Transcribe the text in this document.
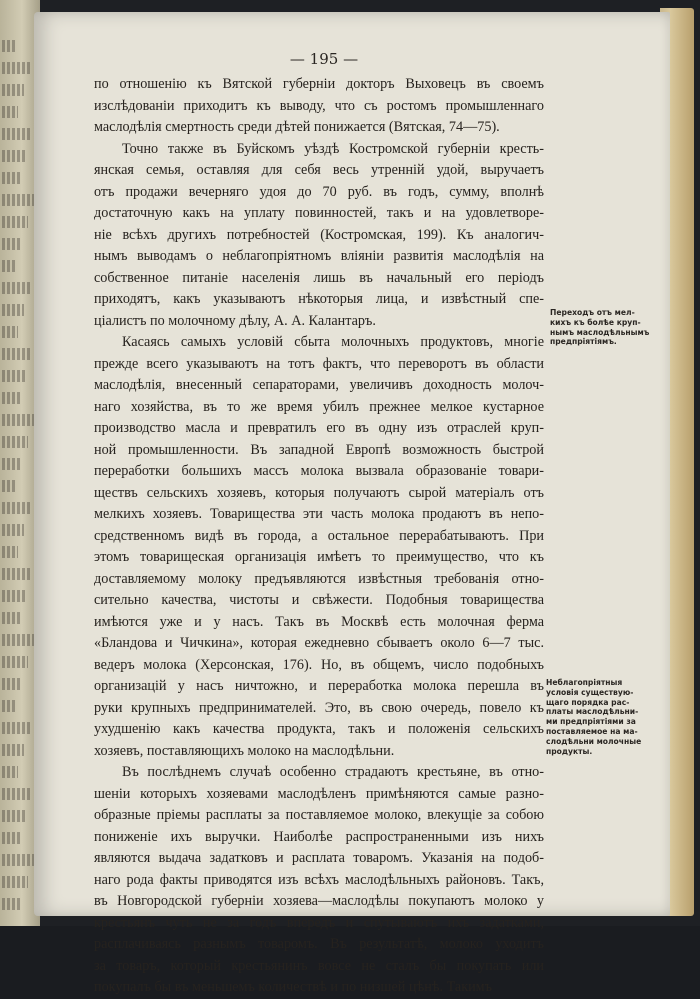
— 195 —
по отношенію къ Вятской губерніи докторъ Выховецъ въ своемъ
изслѣдованіи приходитъ къ выводу, что съ ростомъ промышленнаго
маслодѣлія смертность среди дѣтей понижается (Вятская, 74—75).
Точно также въ Буйскомъ уѣздѣ Костромской губерніи кресть-
янская семья, оставляя для себя весь утренній удой, выручаетъ
отъ продажи вечерняго удоя до 70 руб. въ годъ, сумму, вполнѣ
достаточную какъ на уплату повинностей, такъ и на удовлетворе-
ніе всѣхъ другихъ потребностей (Костромская, 199). Къ аналогич-
нымъ выводамъ о неблагопріятномъ вліяніи развитія маслодѣлія на
собственное питаніе населенія лишь въ начальный его періодъ
приходятъ, какъ указываютъ нѣкоторыя лица, и извѣстный спе-
ціалистъ по молочному дѣлу, А. А. Калантаръ.
Касаясь самыхъ условій сбыта молочныхъ продуктовъ, многіе
прежде всего указываютъ на тотъ фактъ, что переворотъ въ области
маслодѣлія, внесенный сепараторами, увеличивъ доходность молоч-
наго хозяйства, въ то же время убилъ прежнее мелкое кустарное
производство масла и превратилъ его въ одну изъ отраслей круп-
ной промышленности. Въ западной Европѣ возможность быстрой
переработки большихъ массъ молока вызвала образованіе товари-
ществъ сельскихъ хозяевъ, которыя получаютъ сырой матеріалъ отъ
мелкихъ хозяевъ. Товарищества эти часть молока продаютъ въ непо-
средственномъ видѣ въ города, а остальное перерабатываютъ. При
этомъ товарищеская организація имѣетъ то преимущество, что къ
доставляемому молоку предъявляются извѣстныя требованія отно-
сительно качества, чистоты и свѣжести. Подобныя товарищества
имѣются уже и у насъ. Такъ въ Москвѣ есть молочная ферма
«Бландова и Чичкина», которая ежедневно сбываетъ около 6—7 тыс.
ведеръ молока (Херсонская, 176). Но, въ общемъ, число подобныхъ
организацій у насъ ничтожно, и переработка молока перешла въ
руки крупныхъ предпринимателей. Это, въ свою очередь, повело къ
ухудшенію какъ качества продукта, такъ и положенія сельскихъ
хозяевъ, поставляющихъ молоко на маслодѣльни.
Въ послѣднемъ случаѣ особенно страдаютъ крестьяне, въ отно-
шеніи которыхъ хозяевами маслодѣленъ примѣняются самые разно-
образные пріемы расплаты за поставляемое молоко, влекущіе за собою
пониженіе ихъ выручки. Наиболѣе распространенными изъ нихъ
являются выдача задатковъ и расплата товаромъ. Указанія на подоб-
наго рода факты приводятся изъ всѣхъ маслодѣльныхъ районовъ. Такъ,
въ Новгородской губерніи хозяева—маслодѣлы покупаютъ молоко у
крестьянъ чуть не за годъ впередъ и спутываютъ ихъ задатками,
расплачиваясь разнымъ товаромъ. Въ результатѣ, молоко уходитъ
за товаръ, который крестьянинъ вовсе не сталъ бы покупать или
покупалъ бы въ меньшемъ количествѣ и по низшей цѣнѣ. Такимъ
Переходъ отъ мел-
кихъ къ болѣе круп-
нымъ маслодѣльнымъ
предпріятіямъ.
Неблагопріятныя
условія существую-
щаго порядка рас-
платы маслодѣльни-
ми предпріятіями за
поставляемое на ма-
слодѣльни молочные
продукты.
